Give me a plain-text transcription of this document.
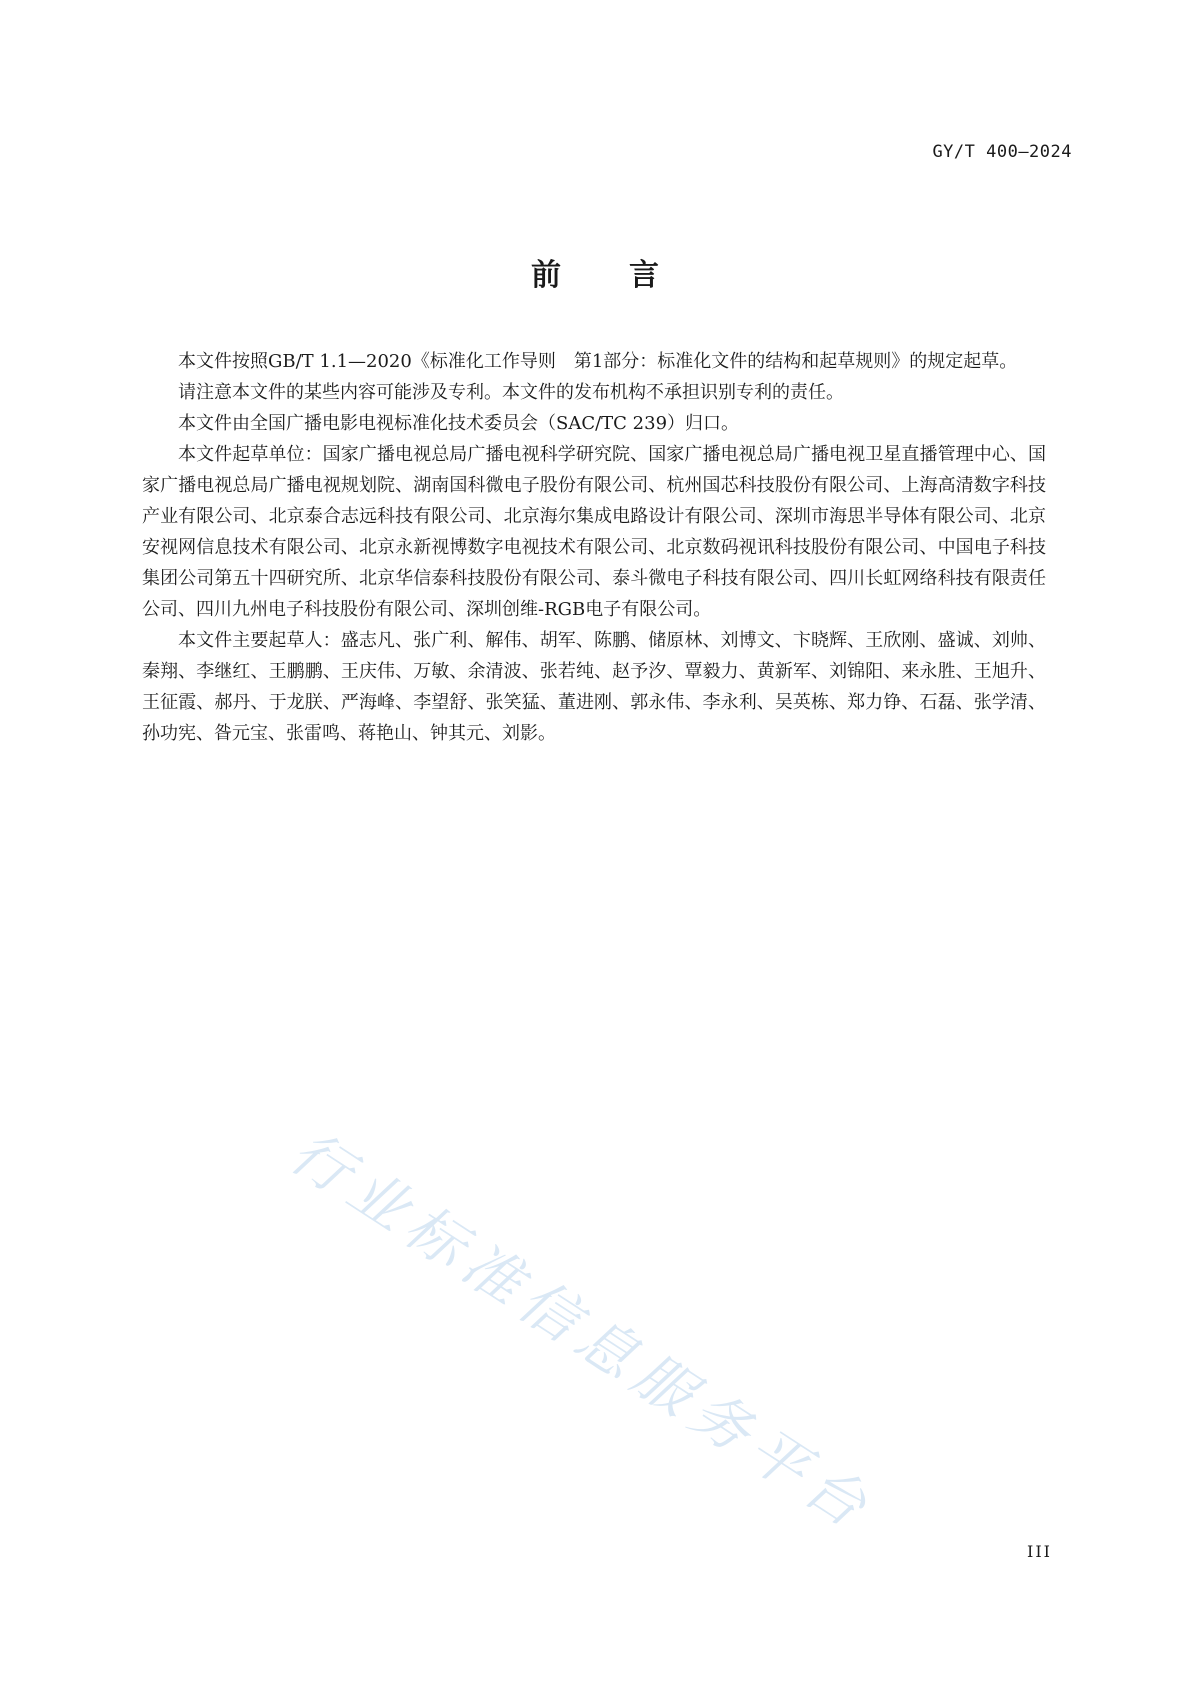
GY/T 400—2024
前言

本文件按照GB/T 1.1—2020《标准化工作导则　第1部分：标准化文件的结构和起草规则》的规定起草。

请注意本文件的某些内容可能涉及专利。本文件的发布机构不承担识别专利的责任。

本文件由全国广播电影电视标准化技术委员会（SAC/TC 239）归口。

本文件起草单位：国家广播电视总局广播电视科学研究院、国家广播电视总局广播电视卫星直播管理中心、国家广播电视总局广播电视规划院、湖南国科微电子股份有限公司、杭州国芯科技股份有限公司、上海高清数字科技产业有限公司、北京泰合志远科技有限公司、北京海尔集成电路设计有限公司、深圳市海思半导体有限公司、北京安视网信息技术有限公司、北京永新视博数字电视技术有限公司、北京数码视讯科技股份有限公司、中国电子科技集团公司第五十四研究所、北京华信泰科技股份有限公司、泰斗微电子科技有限公司、四川长虹网络科技有限责任公司、四川九州电子科技股份有限公司、深圳创维-RGB电子有限公司。

本文件主要起草人：盛志凡、张广利、解伟、胡军、陈鹏、储原林、刘博文、卞晓辉、王欣刚、盛诚、刘帅、秦翔、李继红、王鹏鹏、王庆伟、万敏、余清波、张若纯、赵予汐、覃毅力、黄新军、刘锦阳、来永胜、王旭升、王征霞、郝丹、于龙朕、严海峰、李望舒、张笑猛、董进刚、郭永伟、李永利、吴英栋、郑力铮、石磊、张学清、孙功宪、昝元宝、张雷鸣、蒋艳山、钟其元、刘影。

行业标准信息服务平台
III
